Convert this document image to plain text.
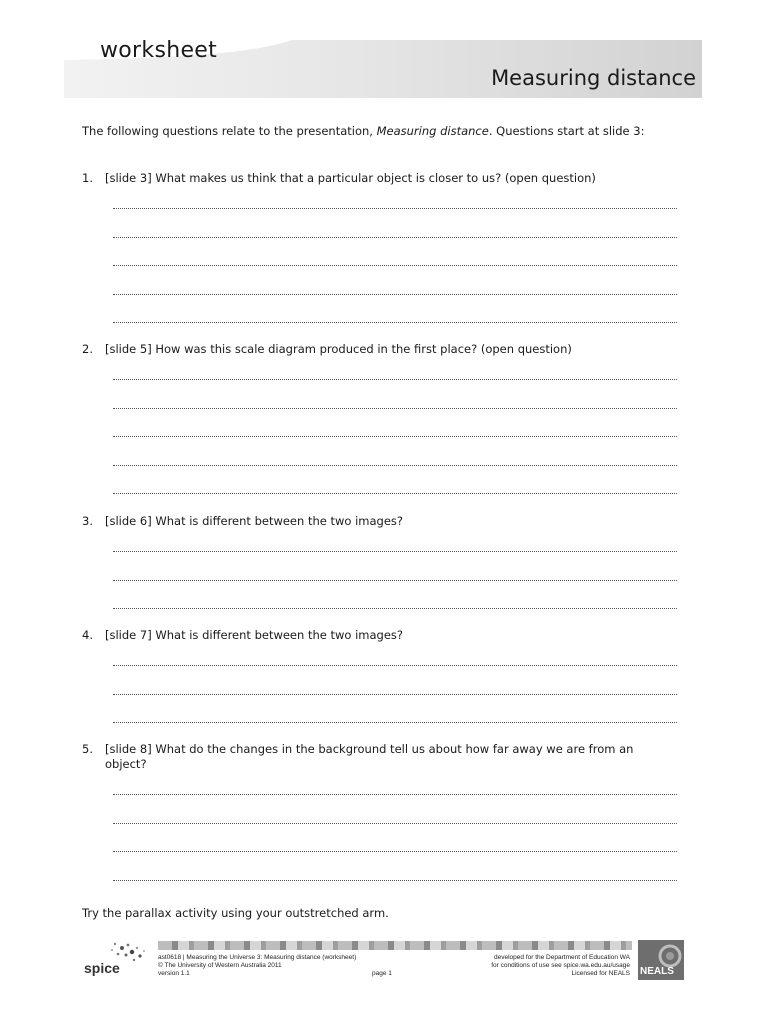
worksheet
Measuring distance
The following questions relate to the presentation, Measuring distance. Questions start at slide 3:
1. [slide 3] What makes us think that a particular object is closer to us? (open question)
2. [slide 5] How was this scale diagram produced in the first place? (open question)
3. [slide 6] What is different between the two images?
4. [slide 7] What is different between the two images?
5. [slide 8] What do the changes in the background tell us about how far away we are from an object?
Try the parallax activity using your outstretched arm.
spice
ast0618 | Measuring the Universe 3: Measuring distance (worksheet)
© The University of Western Australia 2011
version 1.1	page 1
developed for the Department of Education WA
for conditions of use see spice.wa.edu.au/usage
Licensed for NEALS NEALS
